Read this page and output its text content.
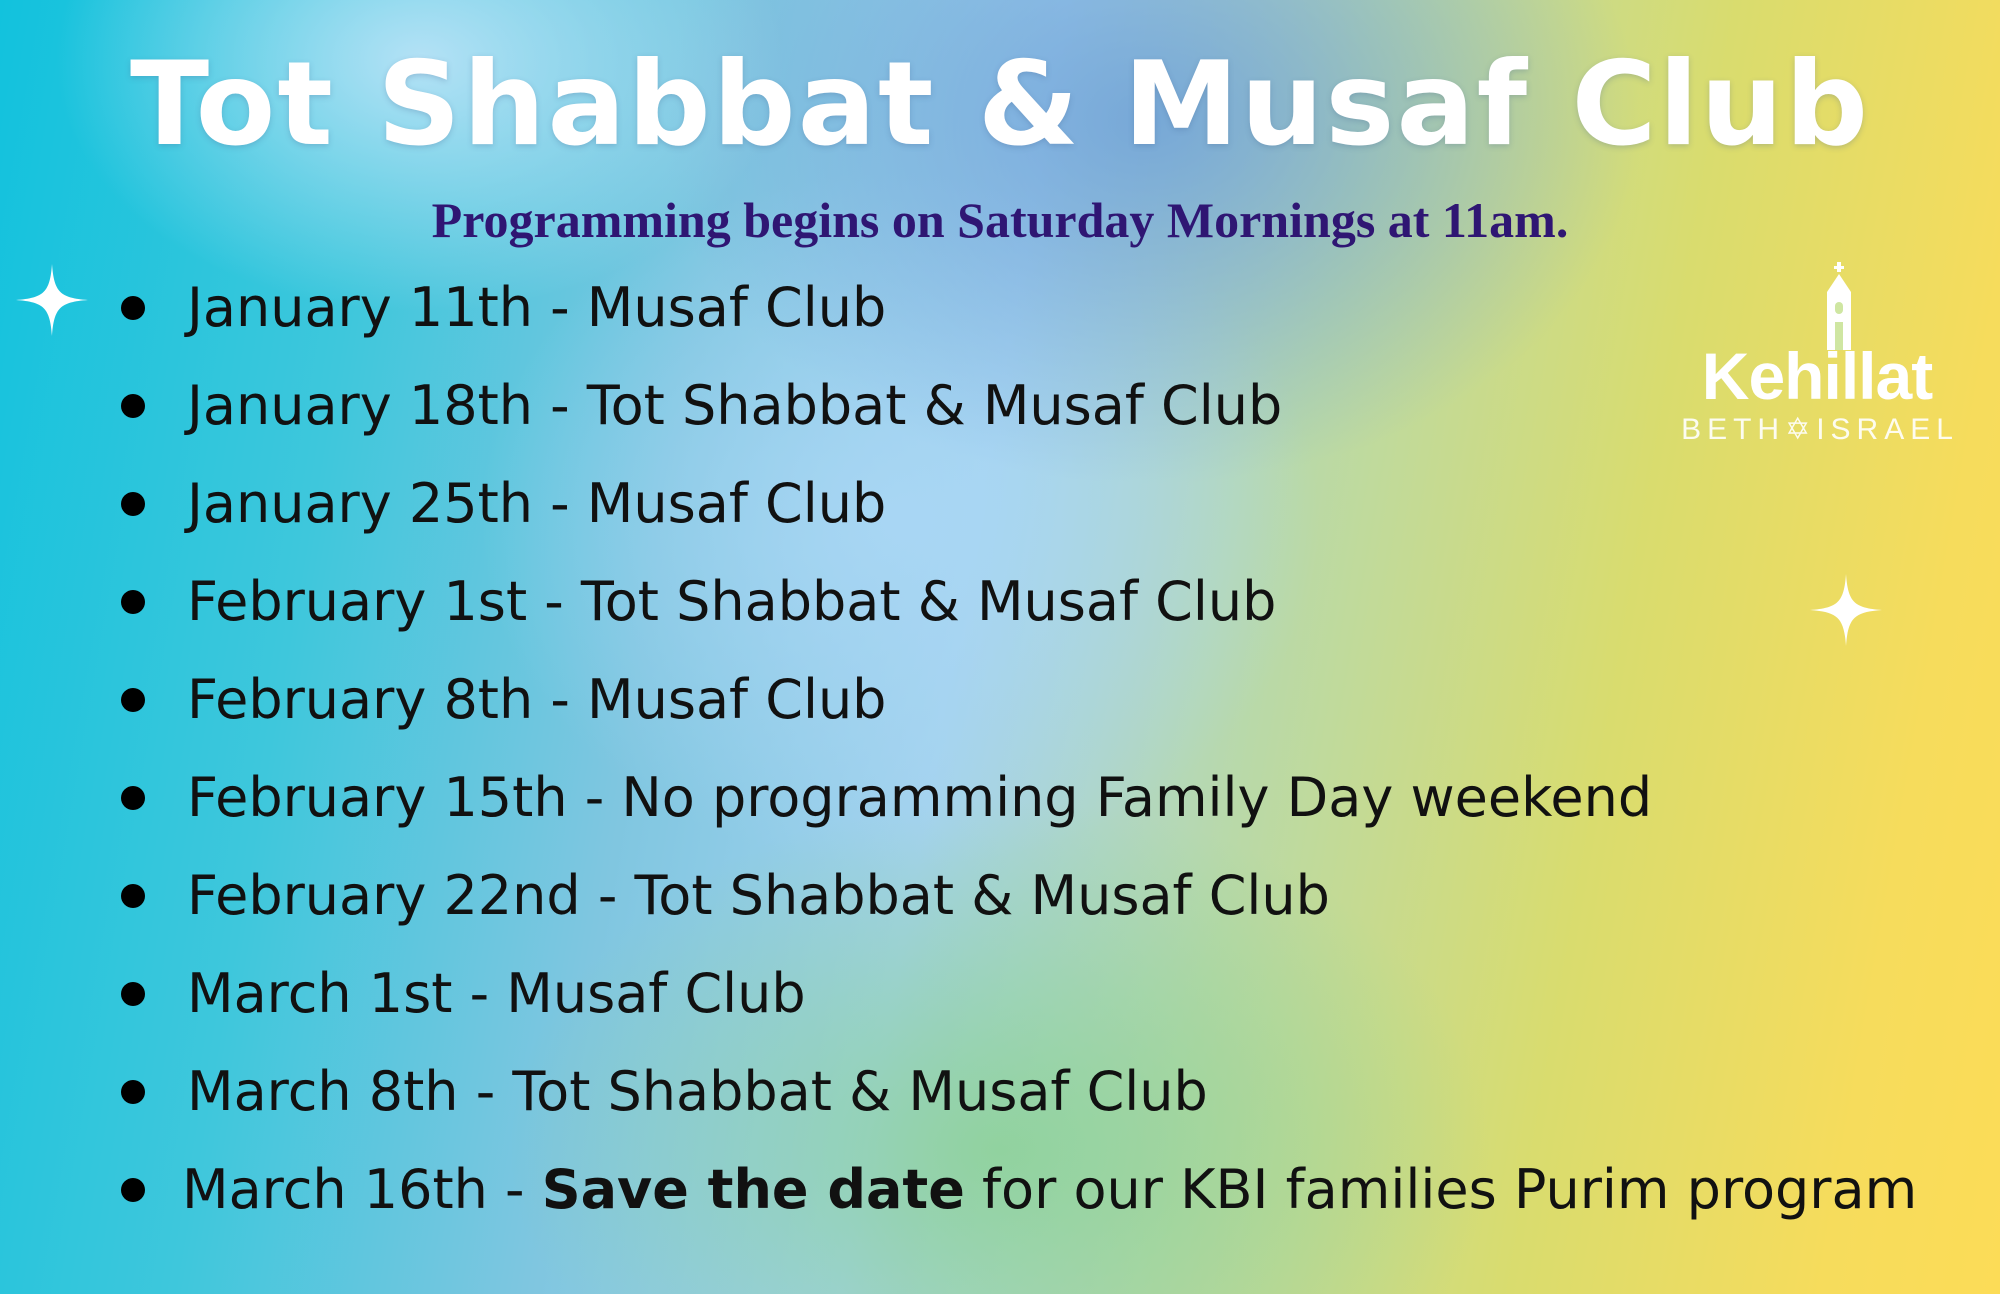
Tot Shabbat & Musaf Club
Programming begins on Saturday Mornings at 11am.
January 11th - Musaf Club
January 18th - Tot Shabbat & Musaf Club
January 25th - Musaf Club
February 1st - Tot Shabbat & Musaf Club
February 8th - Musaf Club
February 15th - No programming Family Day weekend
February 22nd - Tot Shabbat & Musaf Club
March 1st - Musaf Club
March 8th - Tot Shabbat & Musaf Club
March 16th - Save the date for our KBI families Purim program
Kehillat
BETH✡ISRAEL
